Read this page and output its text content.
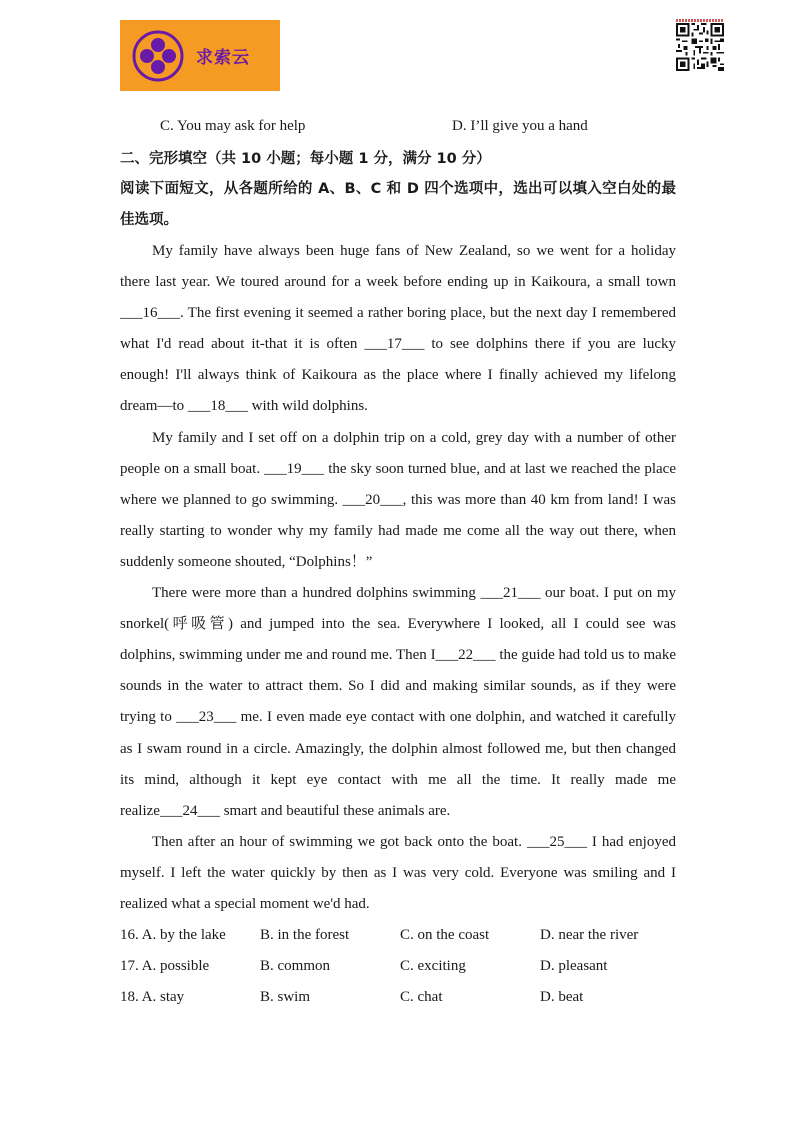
求索云
C. You may ask for help	D. I’ll give you a hand
二、完形填空（共 10 小题；每小题 1 分，满分 10 分）
阅读下面短文，从各题所给的 A、B、C 和 D 四个选项中，选出可以填入空白处的最佳选项。

My family have always been huge fans of New Zealand, so we went for a holiday there last year. We toured around for a week before ending up in Kaikoura, a small town ___16___. The first evening it seemed a rather boring place, but the next day I remembered what I'd read about it-that it is often ___17___ to see dolphins there if you are lucky enough! I'll always think of Kaikoura as the place where I finally achieved my lifelong dream—to ___18___ with wild dolphins.

My family and I set off on a dolphin trip on a cold, grey day with a number of other people on a small boat. ___19___ the sky soon turned blue, and at last we reached the place where we planned to go swimming. ___20___, this was more than 40 km from land! I was really starting to wonder why my family had made me come all the way out there, when suddenly someone shouted, “Dolphins！”

There were more than a hundred dolphins swimming ___21___ our boat. I put on my snorkel(呼吸管) and jumped into the sea. Everywhere I looked, all I could see was dolphins, swimming under me and round me. Then I___22___ the guide had told us to make sounds in the water to attract them. So I did and making similar sounds, as if they were trying to ___23___ me. I even made eye contact with one dolphin, and watched it carefully as I swam round in a circle. Amazingly, the dolphin almost followed me, but then changed its mind, although it kept eye contact with me all the time. It really made me realize___24___ smart and beautiful these animals are.

Then after an hour of swimming we got back onto the boat. ___25___ I had enjoyed myself. I left the water quickly by then as I was very cold. Everyone was smiling and I realized what a special moment we'd had.

16. A. by the lake	B. in the forest	C. on the coast	D. near the river
17. A. possible	B. common	C. exciting	D. pleasant
18. A. stay	B. swim	C. chat	D. beat
